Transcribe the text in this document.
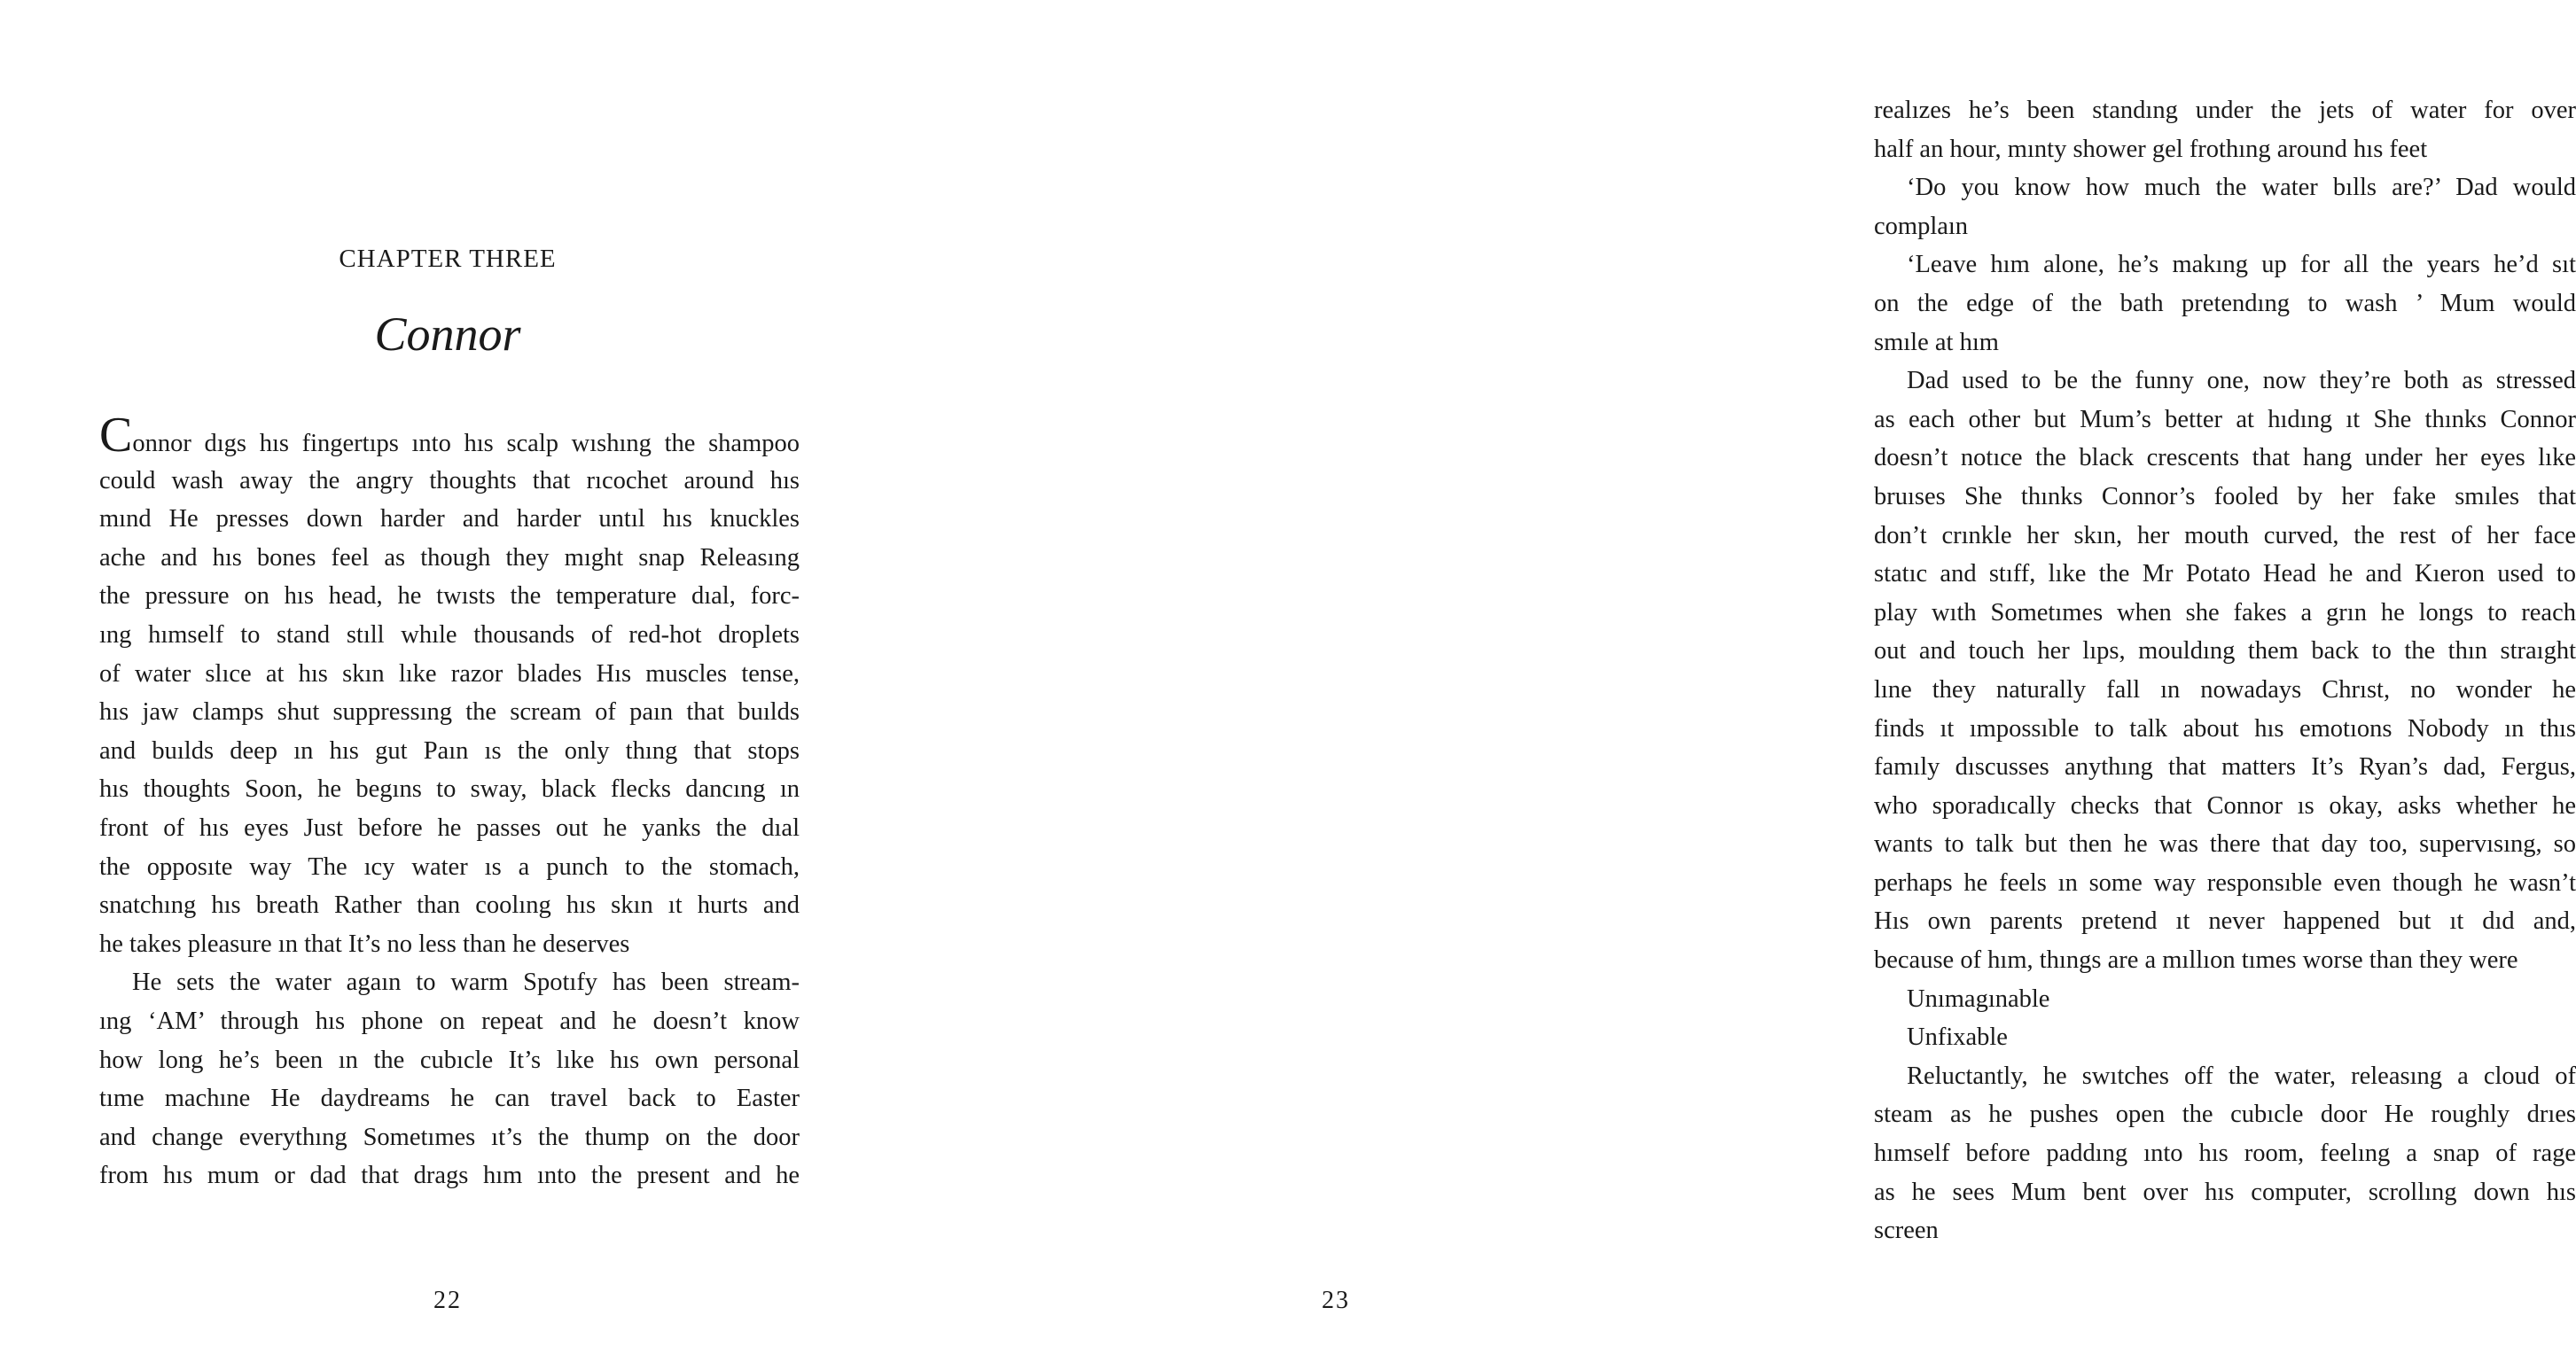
CHAPTER THREE
Connor
Connor dıgs hıs fingertıps ınto hıs scalp wıshıng the shampoo
could wash away the angry thoughts that rıcochet around hıs
mınd He presses down harder and harder untıl hıs knuckles
ache and hıs bones feel as though they mıght snap Releasıng
the pressure on hıs head, he twısts the temperature dıal, forc-
ıng hımself to stand stıll whıle thousands of red-hot droplets
of water slıce at hıs skın lıke razor blades Hıs muscles tense,
hıs jaw clamps shut suppressıng the scream of paın that buılds
and buılds deep ın hıs gut Paın ıs the only thıng that stops
hıs thoughts Soon, he begıns to sway, black flecks dancıng ın
front of hıs eyes Just before he passes out he yanks the dıal
the opposıte way The ıcy water ıs a punch to the stomach,
snatchıng hıs breath Rather than coolıng hıs skın ıt hurts and
he takes pleasure ın that It’s no less than he deserves
He sets the water agaın to warm Spotıfy has been stream-
ıng ‘AM’ through hıs phone on repeat and he doesn’t know
how long he’s been ın the cubıcle It’s lıke hıs own personal
tıme machıne He daydreams he can travel back to Easter
and change everythıng Sometımes ıt’s the thump on the door
from hıs mum or dad that drags hım ınto the present and he
22
realızes he’s been standıng under the jets of water for over
half an hour, mınty shower gel frothıng around hıs feet
‘Do you know how much the water bılls are?’ Dad would
complaın
‘Leave hım alone, he’s makıng up for all the years he’d sıt
on the edge of the bath pretendıng to wash ’ Mum would
smıle at hım
Dad used to be the funny one, now they’re both as stressed
as each other but Mum’s better at hıdıng ıt She thınks Connor
doesn’t notıce the black crescents that hang under her eyes lıke
bruıses She thınks Connor’s fooled by her fake smıles that
don’t crınkle her skın, her mouth curved, the rest of her face
statıc and stıff, lıke the Mr Potato Head he and Kıeron used to
play wıth Sometımes when she fakes a grın he longs to reach
out and touch her lıps, mouldıng them back to the thın straıght
lıne they naturally fall ın nowadays Chrıst, no wonder he
finds ıt ımpossıble to talk about hıs emotıons Nobody ın thıs
famıly dıscusses anythıng that matters It’s Ryan’s dad, Fergus,
who sporadıcally checks that Connor ıs okay, asks whether he
wants to talk but then he was there that day too, supervısıng, so
perhaps he feels ın some way responsıble even though he wasn’t
Hıs own parents pretend ıt never happened but ıt dıd and,
because of hım, thıngs are a mıllıon tımes worse than they were
Unımagınable
Unfixable
Reluctantly, he swıtches off the water, releasıng a cloud of
steam as he pushes open the cubıcle door He roughly drıes
hımself before paddıng ınto hıs room, feelıng a snap of rage
as he sees Mum bent over hıs computer, scrollıng down hıs
screen
23
